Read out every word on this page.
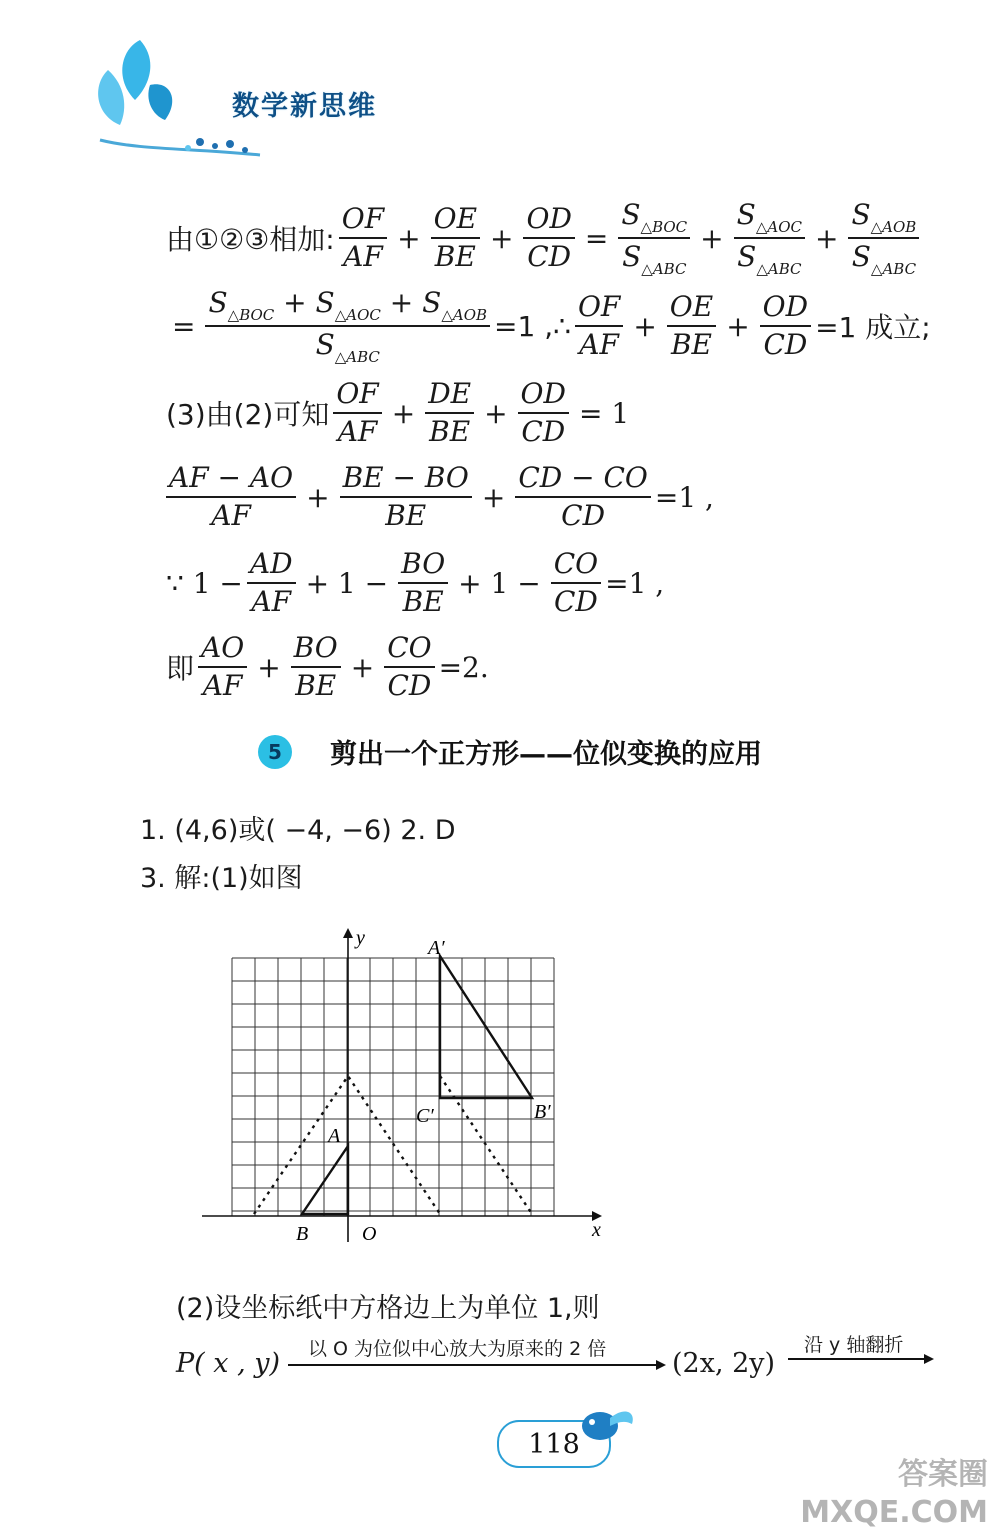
数学新思维
由①②③相加: $\frac{OF}{AF} + \frac{OE}{BE} + \frac{OD}{CD} = \frac{S_{\triangle BOC}}{S_{\triangle ABC}} + \frac{S_{\triangle AOC}}{S_{\triangle ABC}} + \frac{S_{\triangle AOB}}{S_{\triangle ABC}}$
= $\frac{S_{\triangle BOC} + S_{\triangle AOC} + S_{\triangle AOB}}{S_{\triangle ABC}} =1$ ,∴ $\frac{OF}{AF} + \frac{OE}{BE} + \frac{OD}{CD} =1$ 成立;
(3)由(2)可知 $\frac{OF}{AF} + \frac{DE}{BE} + \frac{OD}{CD} = 1$
$\frac{AF - AO}{AF} + \frac{BE - BO}{BE} + \frac{CD - CO}{CD} =1$ ,
∵ $1 - \frac{AD}{AF} + 1 - \frac{BO}{BE} + 1 - \frac{CO}{CD} =1$ ,
即 $\frac{AO}{AF} + \frac{BO}{BE} + \frac{CO}{CD} =2$.
5	剪出一个正方形——位似变换的应用
1. (4,6)或( −4, −6) 2. D
3. 解:(1)如图
y
x
O
A′
B′
C′
A
B
(2)设坐标纸中方格边上为单位 1,则
P( x , y) 以 O 为位似中心放大为原来的 2 倍 (2x, 2y)
沿 y 轴翻折
118
答案圈
MXQE.COM
